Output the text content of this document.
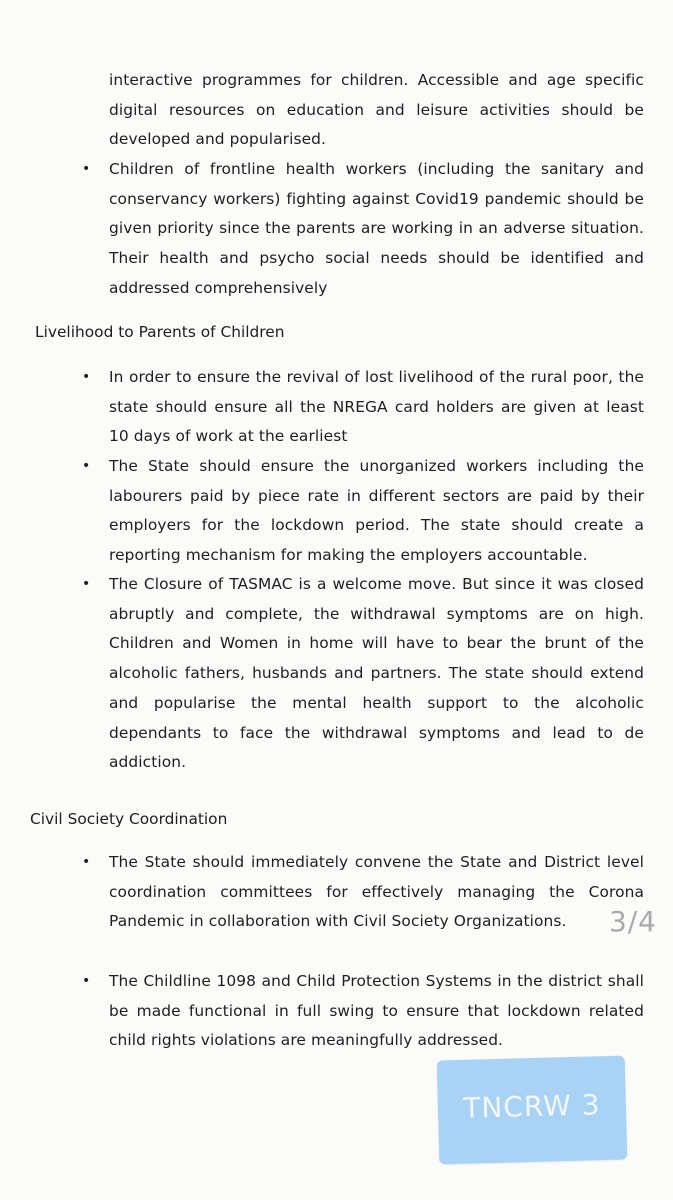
interactive programmes for children. Accessible and age specific digital resources on education and leisure activities should be developed and popularised.
• Children of frontline health workers (including the sanitary and conservancy workers) fighting against Covid19 pandemic should be given priority since the parents are working in an adverse situation. Their health and psycho social needs should be identified and addressed comprehensively
Livelihood to Parents of Children
• In order to ensure the revival of lost livelihood of the rural poor, the state should ensure all the NREGA card holders are given at least 10 days of work at the earliest
• The State should ensure the unorganized workers including the labourers paid by piece rate in different sectors are paid by their employers for the lockdown period. The state should create a reporting mechanism for making the employers accountable.
• The Closure of TASMAC is a welcome move. But since it was closed abruptly and complete, the withdrawal symptoms are on high. Children and Women in home will have to bear the brunt of the alcoholic fathers, husbands and partners. The state should extend and popularise the mental health support to the alcoholic dependants to face the withdrawal symptoms and lead to de addiction.
Civil Society Coordination
• The State should immediately convene the State and District level coordination committees for effectively managing the Corona Pandemic in collaboration with Civil Society Organizations.
• The Childline 1098 and Child Protection Systems in the district shall be made functional in full swing to ensure that lockdown related child rights violations are meaningfully addressed.
3/4
TNCRW 3
